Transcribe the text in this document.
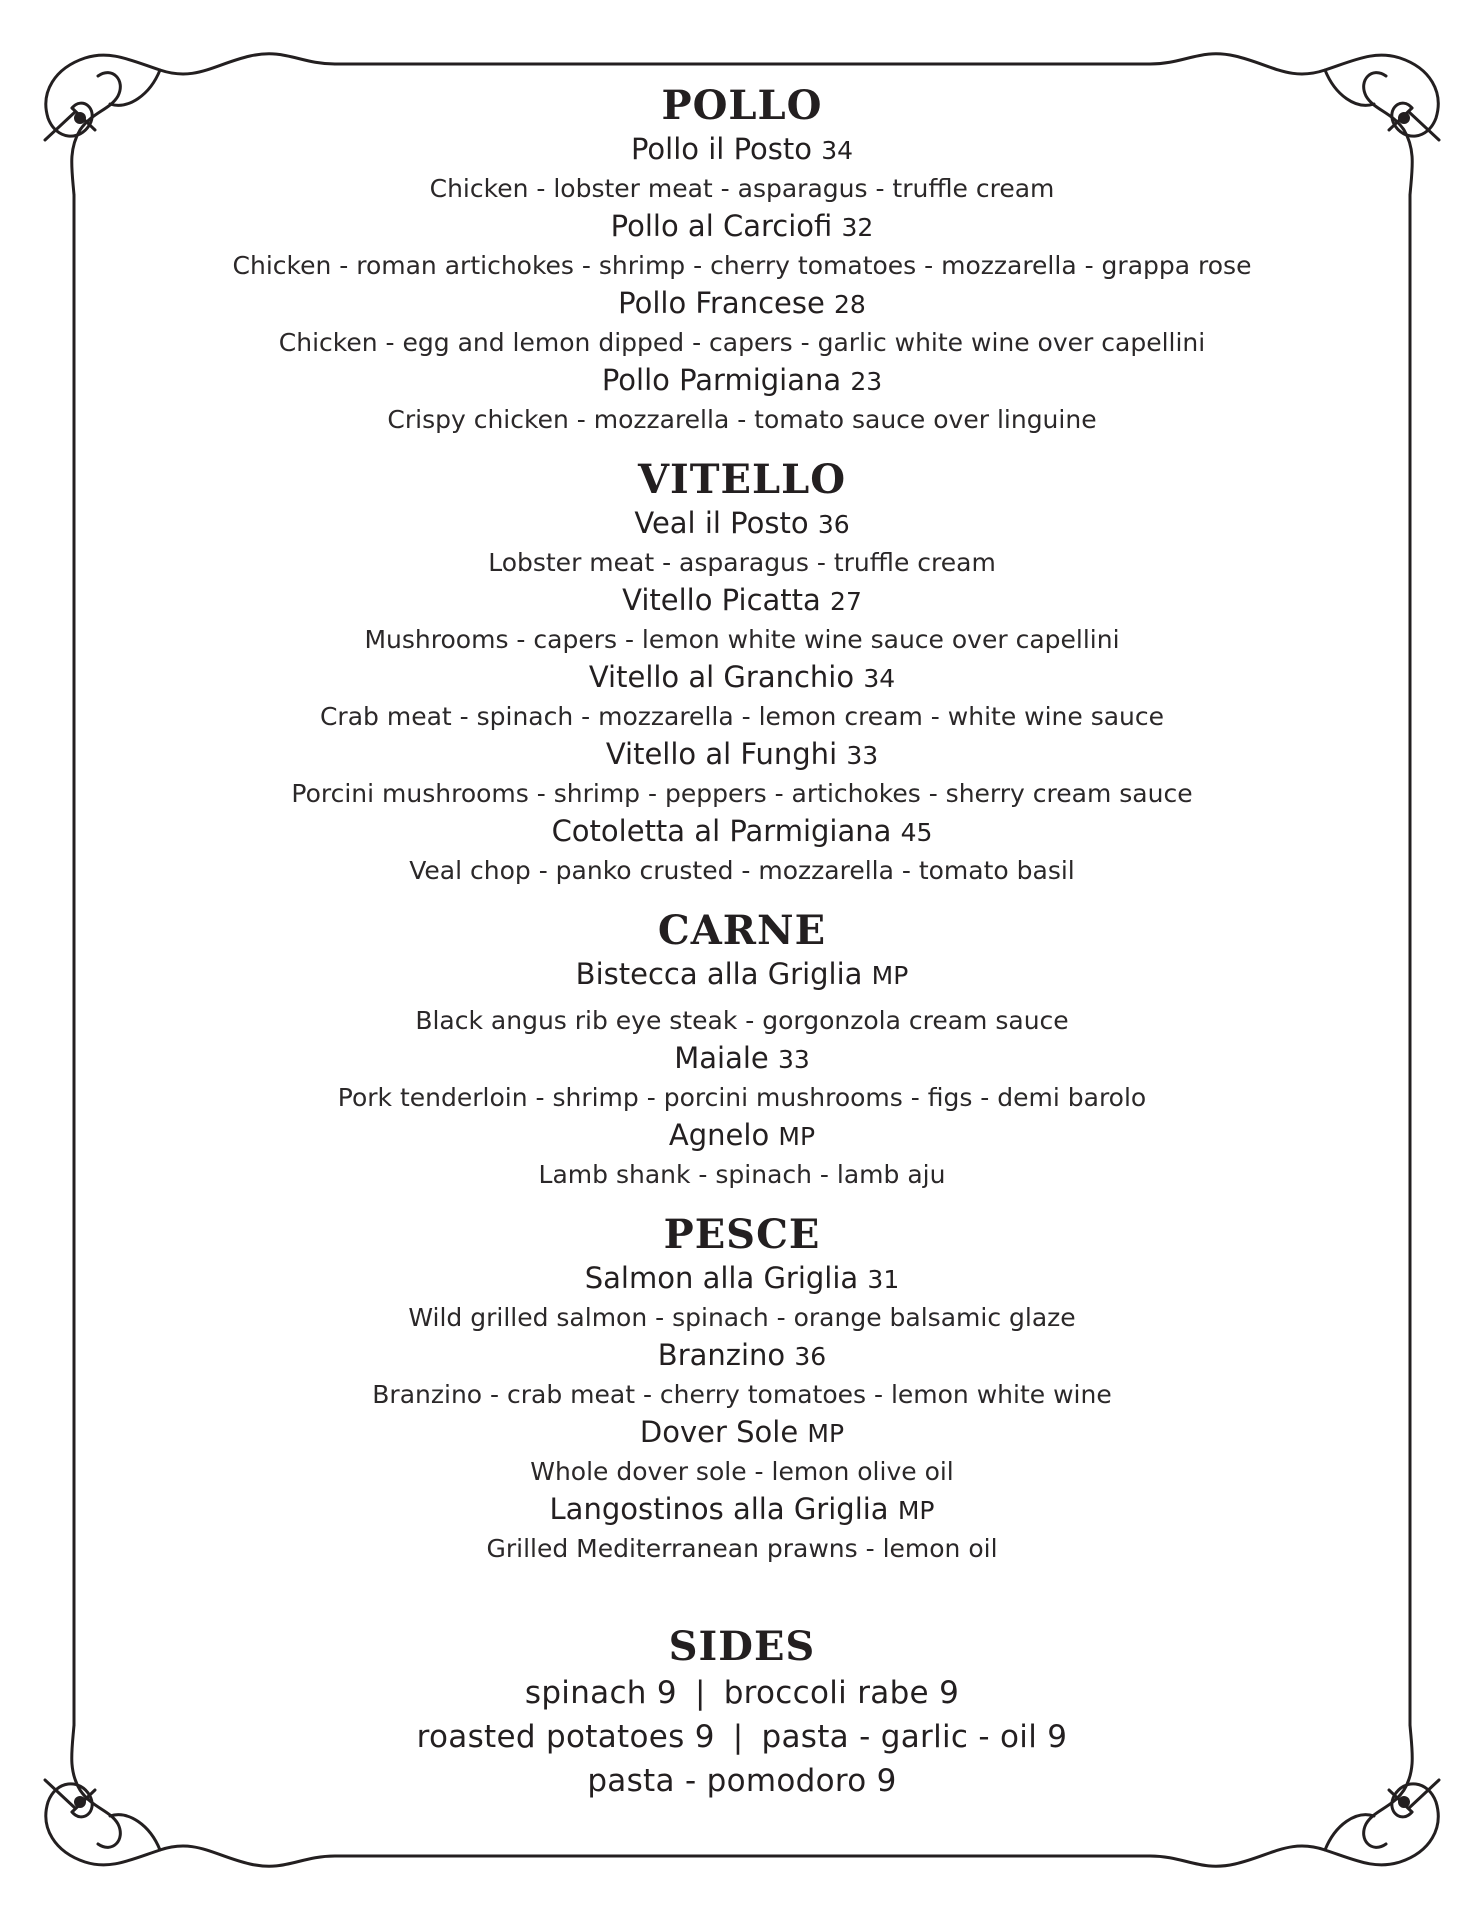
POLLO
Pollo il Posto 34
Chicken - lobster meat - asparagus - truffle cream
Pollo al Carciofi 32
Chicken - roman artichokes - shrimp - cherry tomatoes - mozzarella - grappa rose
Pollo Francese 28
Chicken - egg and lemon dipped - capers - garlic white wine over capellini
Pollo Parmigiana 23
Crispy chicken - mozzarella - tomato sauce over linguine
VITELLO
Veal il Posto 36
Lobster meat - asparagus - truffle cream
Vitello Picatta 27
Mushrooms - capers - lemon white wine sauce over capellini
Vitello al Granchio 34
Crab meat - spinach - mozzarella - lemon cream - white wine sauce
Vitello al Funghi 33
Porcini mushrooms - shrimp - peppers - artichokes - sherry cream sauce
Cotoletta al Parmigiana 45
Veal chop - panko crusted - mozzarella - tomato basil
CARNE
Bistecca alla Griglia MP
Black angus rib eye steak - gorgonzola cream sauce
Maiale 33
Pork tenderloin - shrimp - porcini mushrooms - figs - demi barolo
Agnelo MP
Lamb shank - spinach - lamb aju
PESCE
Salmon alla Griglia 31
Wild grilled salmon - spinach - orange balsamic glaze
Branzino 36
Branzino - crab meat - cherry tomatoes - lemon white wine
Dover Sole MP
Whole dover sole - lemon olive oil
Langostinos alla Griglia MP
Grilled Mediterranean prawns - lemon oil
SIDES
spinach 9 | broccoli rabe 9
roasted potatoes 9 | pasta - garlic - oil 9
pasta - pomodoro 9
